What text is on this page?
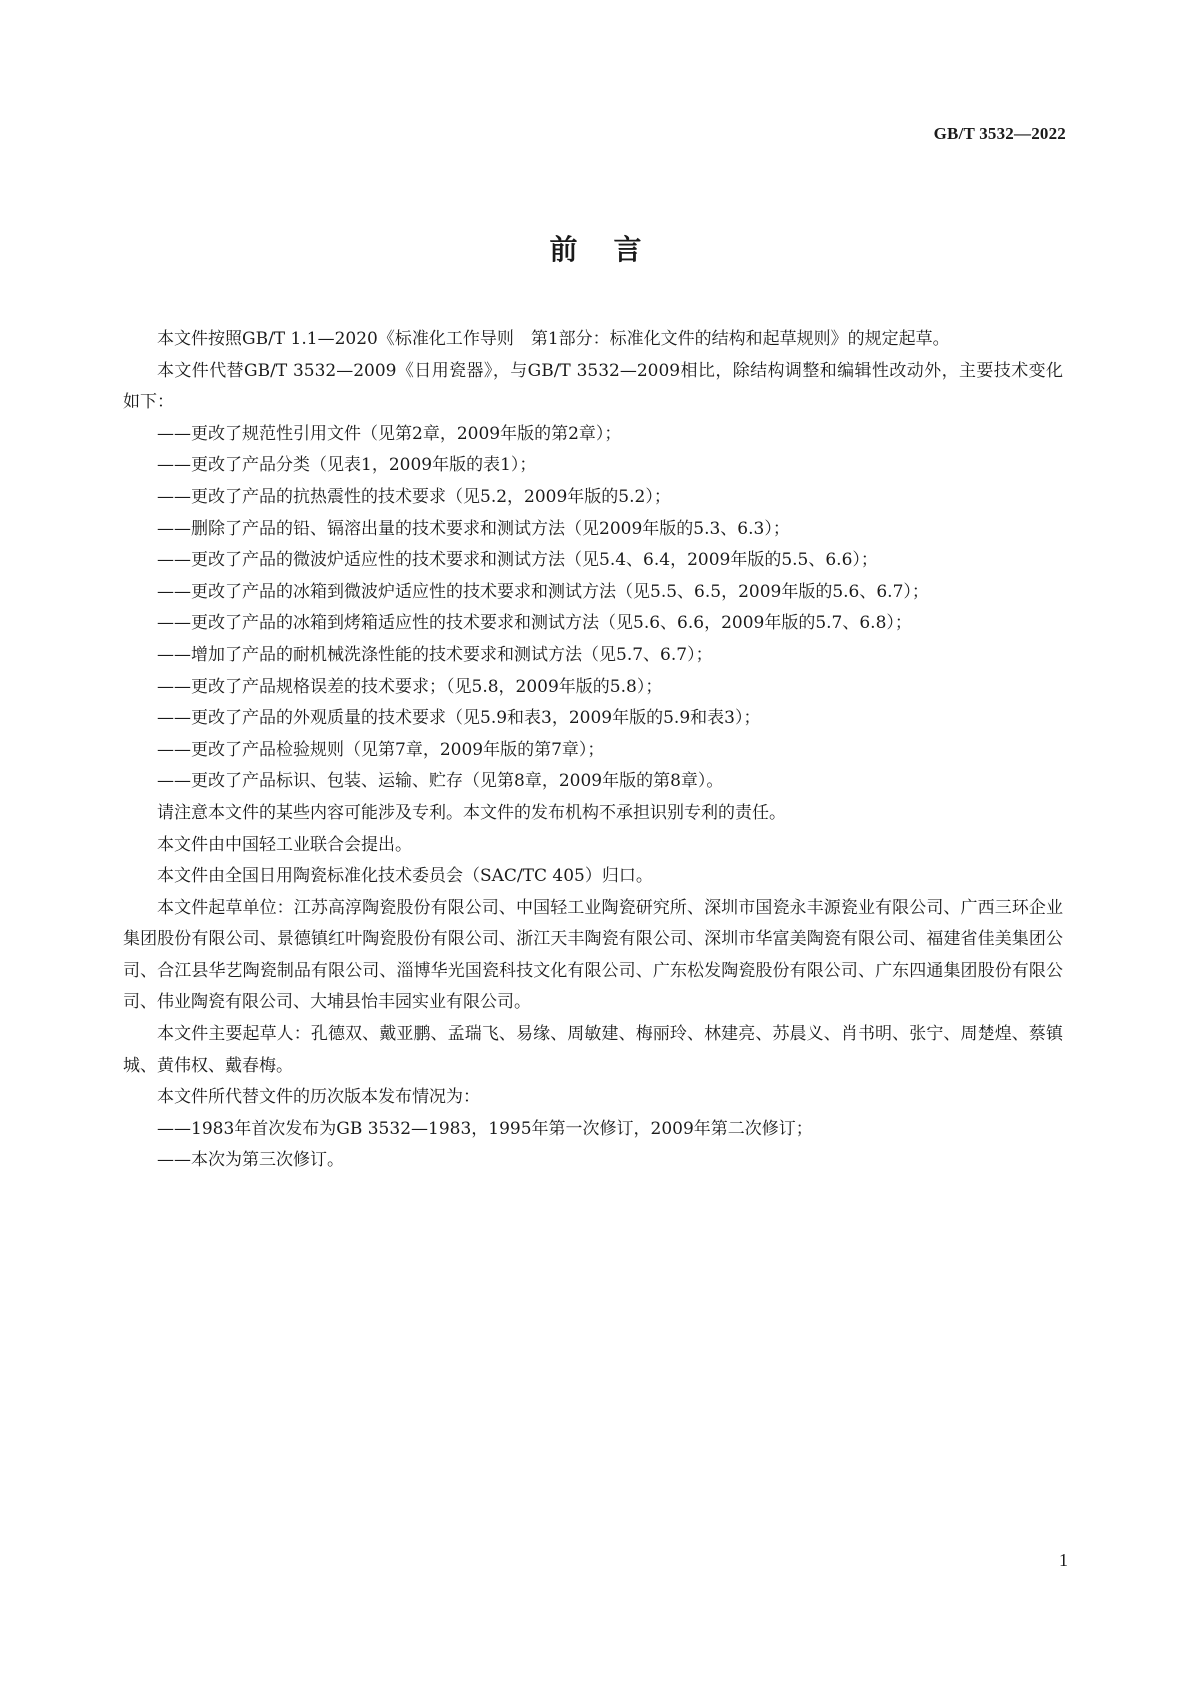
GB/T 3532—2022
前言

本文件按照GB/T 1.1—2020《标准化工作导则　第1部分：标准化文件的结构和起草规则》的规定起草。

本文件代替GB/T 3532—2009《日用瓷器》，与GB/T 3532—2009相比，除结构调整和编辑性改动外，主要技术变化如下：

——更改了规范性引用文件（见第2章，2009年版的第2章）；

——更改了产品分类（见表1，2009年版的表1）；

——更改了产品的抗热震性的技术要求（见5.2，2009年版的5.2）；

——删除了产品的铅、镉溶出量的技术要求和测试方法（见2009年版的5.3、6.3）；

——更改了产品的微波炉适应性的技术要求和测试方法（见5.4、6.4，2009年版的5.5、6.6）；

——更改了产品的冰箱到微波炉适应性的技术要求和测试方法（见5.5、6.5，2009年版的5.6、6.7）；

——更改了产品的冰箱到烤箱适应性的技术要求和测试方法（见5.6、6.6，2009年版的5.7、6.8）；

——增加了产品的耐机械洗涤性能的技术要求和测试方法（见5.7、6.7）；

——更改了产品规格误差的技术要求；（见5.8，2009年版的5.8）；

——更改了产品的外观质量的技术要求（见5.9和表3，2009年版的5.9和表3）；

——更改了产品检验规则（见第7章，2009年版的第7章）；

——更改了产品标识、包装、运输、贮存（见第8章，2009年版的第8章）。

请注意本文件的某些内容可能涉及专利。本文件的发布机构不承担识别专利的责任。

本文件由中国轻工业联合会提出。

本文件由全国日用陶瓷标准化技术委员会（SAC/TC 405）归口。

本文件起草单位：江苏高淳陶瓷股份有限公司、中国轻工业陶瓷研究所、深圳市国瓷永丰源瓷业有限公司、广西三环企业集团股份有限公司、景德镇红叶陶瓷股份有限公司、浙江天丰陶瓷有限公司、深圳市华富美陶瓷有限公司、福建省佳美集团公司、合江县华艺陶瓷制品有限公司、淄博华光国瓷科技文化有限公司、广东松发陶瓷股份有限公司、广东四通集团股份有限公司、伟业陶瓷有限公司、大埔县怡丰园实业有限公司。

本文件主要起草人：孔德双、戴亚鹏、孟瑞飞、易缘、周敏建、梅丽玲、林建亮、苏晨义、肖书明、张宁、周楚煌、蔡镇城、黄伟权、戴春梅。

本文件所代替文件的历次版本发布情况为：

——1983年首次发布为GB 3532—1983，1995年第一次修订，2009年第二次修订；

——本次为第三次修订。

1
